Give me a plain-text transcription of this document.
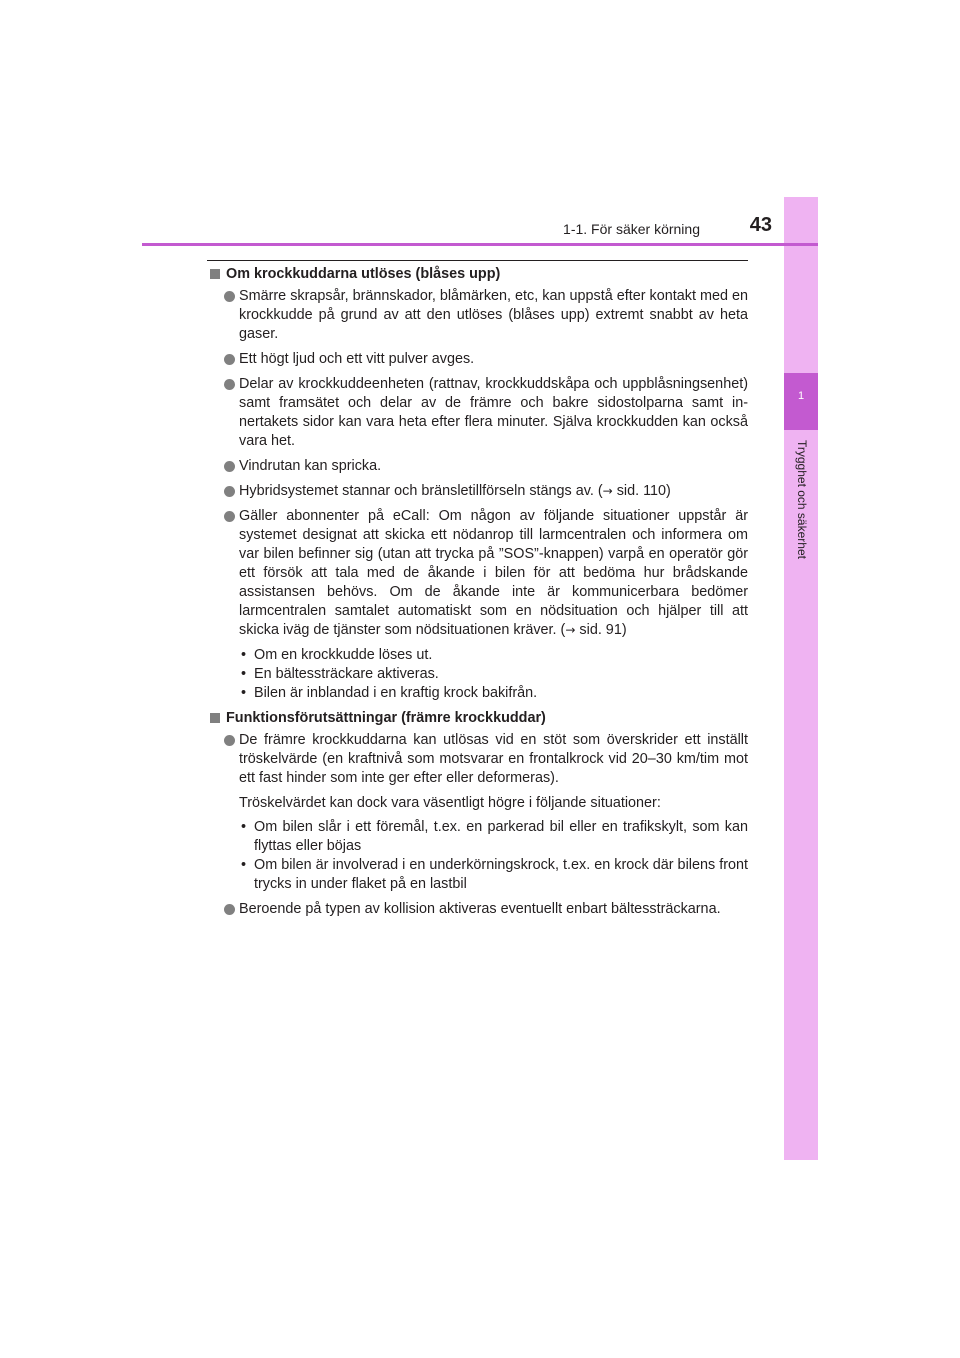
1
Trygghet och säkerhet
1-1. För säker körning	43
Om krockkuddarna utlöses (blåses upp)
Smärre skrapsår, brännskador, blåmärken, etc, kan uppstå efter kontakt med en krockkudde på grund av att den utlöses (blåses upp) extremt snabbt av heta gaser.
Ett högt ljud och ett vitt pulver avges.
Delar av krockkuddeenheten (rattnav, krockkuddskåpa och uppblåsningsenhet) samt framsätet och delar av de främre och bakre sidostolparna samt innertakets sidor kan vara heta efter flera minuter. Själva krockkudden kan också vara het.
Vindrutan kan spricka.
Hybridsystemet stannar och bränsletillförseln stängs av. (→ sid. 110)
Gäller abonnenter på eCall: Om någon av följande situationer uppstår är systemet designat att skicka ett nödanrop till larmcentralen och informera om var bilen befinner sig (utan att trycka på ”SOS”-knappen) varpå en operatör gör ett försök att tala med de åkande i bilen för att bedöma hur brådskande assistansen behövs. Om de åkande inte är kommunicerbara bedömer larmcentralen samtalet automatiskt som en nödsituation och hjälper till att skicka iväg de tjänster som nödsituationen kräver. (→ sid. 91)
• Om en krockkudde löses ut.
• En bältessträckare aktiveras.
• Bilen är inblandad i en kraftig krock bakifrån.
Funktionsförutsättningar (främre krockkuddar)
De främre krockkuddarna kan utlösas vid en stöt som överskrider ett inställt tröskelvärde (en kraftnivå som motsvarar en frontalkrock vid 20–30 km/tim mot ett fast hinder som inte ger efter eller deformeras).
Tröskelvärdet kan dock vara väsentligt högre i följande situationer:
• Om bilen slår i ett föremål, t.ex. en parkerad bil eller en trafikskylt, som kan flyttas eller böjas
• Om bilen är involverad i en underkörningskrock, t.ex. en krock där bilens front trycks in under flaket på en lastbil
Beroende på typen av kollision aktiveras eventuellt enbart bältessträckarna.
